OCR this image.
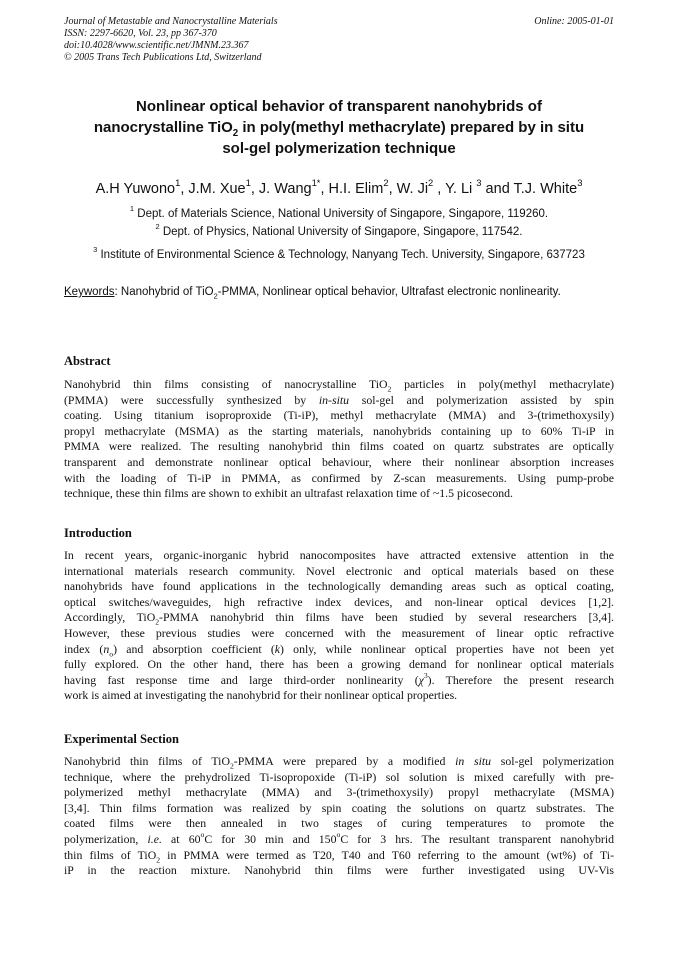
Journal of Metastable and Nanocrystalline Materials
ISSN: 2297-6620, Vol. 23, pp 367-370
doi:10.4028/www.scientific.net/JMNM.23.367
© 2005 Trans Tech Publications Ltd, Switzerland
Online: 2005-01-01
Nonlinear optical behavior of transparent nanohybrids of
nanocrystalline TiO$_2$ in poly(methyl methacrylate) prepared by in situ
sol-gel polymerization technique
A.H Yuwono$^1$, J.M. Xue$^1$, J. Wang$^{1*}$, H.I. Elim$^2$, W. Ji$^2$ , Y. Li $^3$ and T.J. White$^3$
$^1$ Dept. of Materials Science, National University of Singapore, Singapore, 119260.
$^2$ Dept. of Physics, National University of Singapore, Singapore, 117542.
$^3$ Institute of Environmental Science & Technology, Nanyang Tech. University, Singapore, 637723
Keywords: Nanohybrid of TiO$_2$-PMMA, Nonlinear optical behavior, Ultrafast electronic nonlinearity.
Abstract
Nanohybrid thin films consisting of nanocrystalline TiO$_2$ particles in poly(methyl methacrylate)
(PMMA) were successfully synthesized by in-situ sol-gel and polymerization assisted by spin
coating. Using titanium isoproproxide (Ti-iP), methyl methacrylate (MMA) and 3-(trimethoxysily)
propyl methacrylate (MSMA) as the starting materials, nanohybrids containing up to 60% Ti-iP in
PMMA were realized. The resulting nanohybrid thin films coated on quartz substrates are optically
transparent and demonstrate nonlinear optical behaviour, where their nonlinear absorption increases
with the loading of Ti-iP in PMMA, as confirmed by Z-scan measurements. Using pump-probe
technique, these thin films are shown to exhibit an ultrafast relaxation time of ~1.5 picosecond.
Introduction
In recent years, organic-inorganic hybrid nanocomposites have attracted extensive attention in the
international materials research community. Novel electronic and optical materials based on these
nanohybrids have found applications in the technologically demanding areas such as optical coating,
optical switches/waveguides, high refractive index devices, and non-linear optical devices [1,2].
Accordingly, TiO$_2$-PMMA nanohybrid thin films have been studied by several researchers [3,4].
However, these previous studies were concerned with the measurement of linear optic refractive
index $(n_o)$ and absorption coefficient (k) only, while nonlinear optical properties have not been yet
fully explored. On the other hand, there has been a growing demand for nonlinear optical materials
having fast response time and large third-order nonlinearity $(\chi^3)$. Therefore the present research
work is aimed at investigating the nanohybrid for their nonlinear optical properties.
Experimental Section
Nanohybrid thin films of TiO$_2$-PMMA were prepared by a modified in situ sol-gel polymerization
technique, where the prehydrolized Ti-isopropoxide (Ti-iP) sol solution is mixed carefully with pre-
polymerized methyl methacrylate (MMA) and 3-(trimethoxysily) propyl methacrylate (MSMA)
[3,4]. Thin films formation was realized by spin coating the solutions on quartz substrates. The
coated films were then annealed in two stages of curing temperatures to promote the
polymerization, i.e. at 60$^o$C for 30 min and 150$^o$C for 3 hrs. The resultant transparent nanohybrid
thin films of TiO$_2$ in PMMA were termed as T20, T40 and T60 referring to the amount (wt%) of Ti-
iP in the reaction mixture. Nanohybrid thin films were further investigated using UV-Vis
